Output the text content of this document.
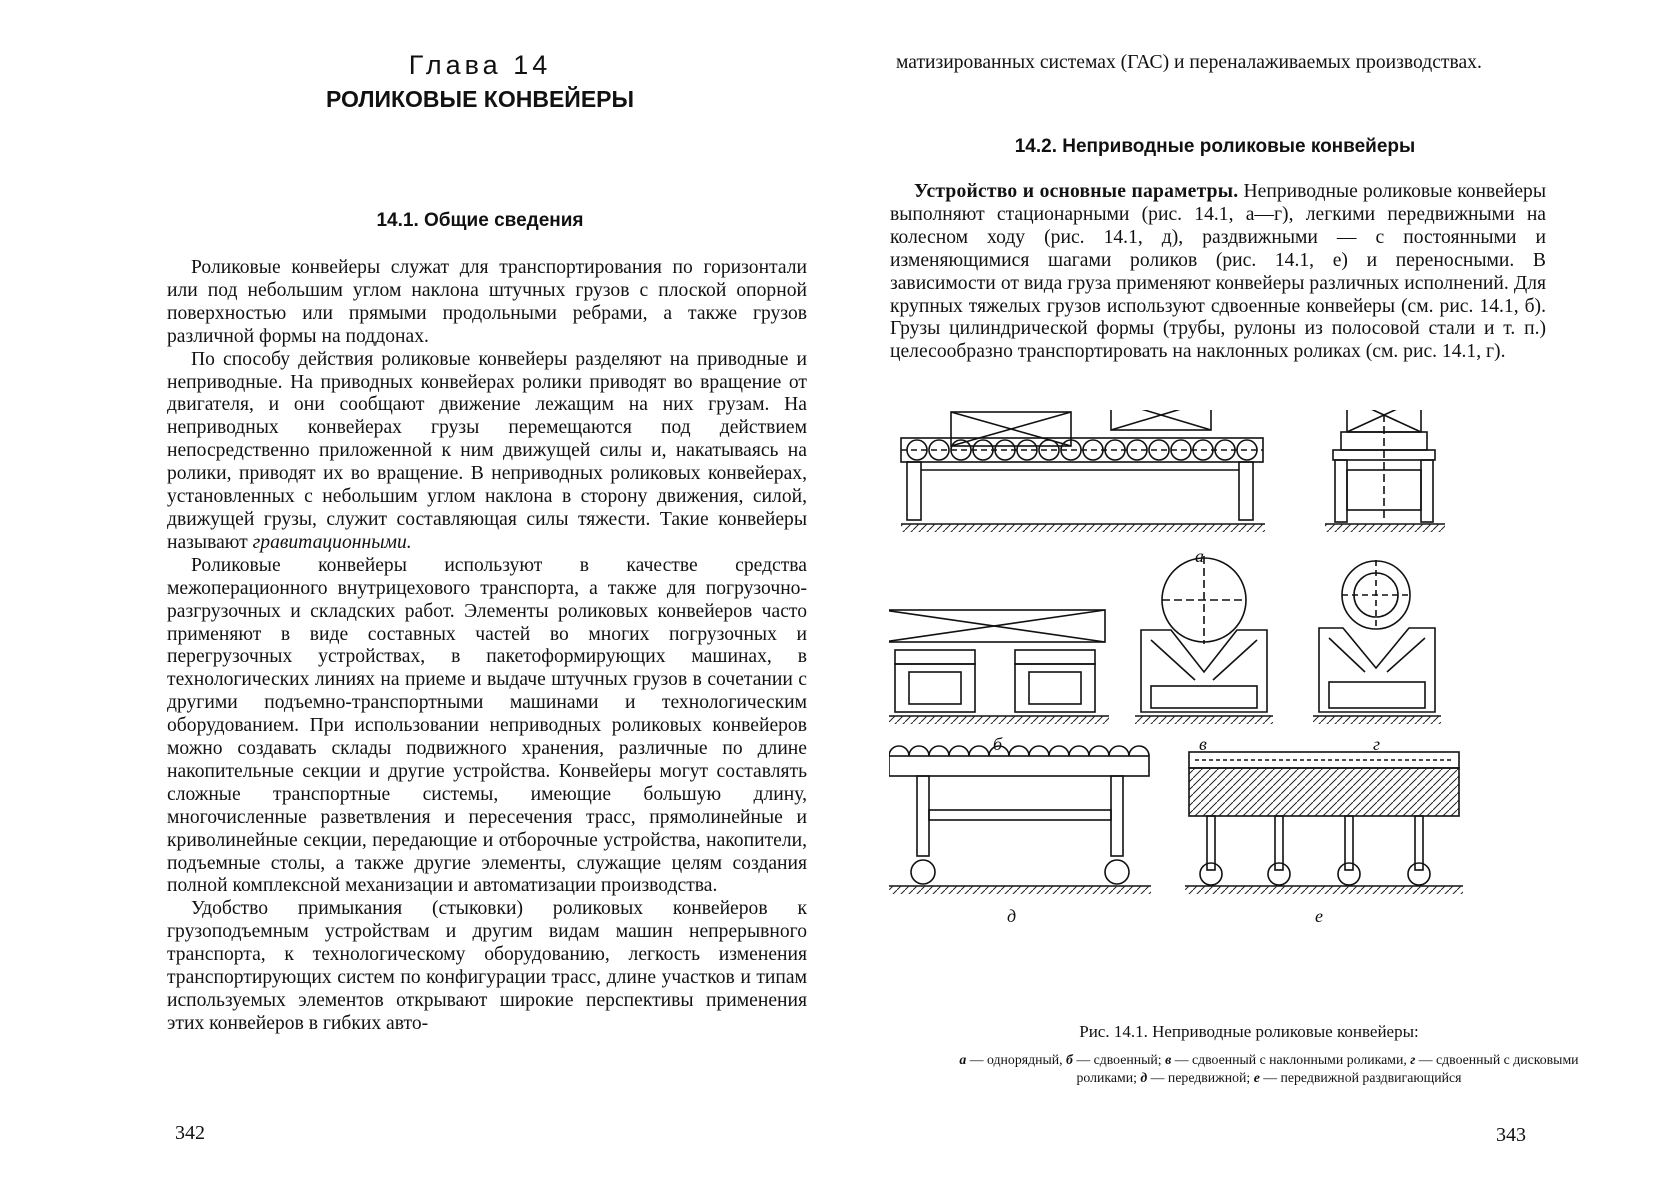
Глава 14
РОЛИКОВЫЕ КОНВЕЙЕРЫ
14.1. Общие сведения

Роликовые конвейеры служат для транспортирования по горизонтали или под небольшим углом наклона штучных грузов с плоской опорной поверхностью или прямыми продольными ребрами, а также грузов различной формы на поддонах.

По способу действия роликовые конвейеры разделяют на приводные и неприводные. На приводных конвейерах ролики приводят во вращение от двигателя, и они сообщают движение лежащим на них грузам. На неприводных конвейерах грузы перемещаются под действием непосредственно приложенной к ним движущей силы и, накатываясь на ролики, приводят их во вращение. В неприводных роликовых конвейерах, установленных с небольшим углом наклона в сторону движения, силой, движущей грузы, служит составляющая силы тяжести. Такие конвейеры называют гравитационными.

Роликовые конвейеры используют в качестве средства межоперационного внутрицехового транспорта, а также для погрузочно-разгрузочных и складских работ. Элементы роликовых конвейеров часто применяют в виде составных частей во многих погрузочных и перегрузочных устройствах, в пакетоформирующих машинах, в технологических линиях на приеме и выдаче штучных грузов в сочетании с другими подъемно-транспортными машинами и технологическим оборудованием. При использовании неприводных роликовых конвейеров можно создавать склады подвижного хранения, различные по длине накопительные секции и другие устройства. Конвейеры могут составлять сложные транспортные системы, имеющие большую длину, многочисленные разветвления и пересечения трасс, прямолинейные и криволинейные секции, передающие и отборочные устройства, накопители, подъемные столы, а также другие элементы, служащие целям создания полной комплексной механизации и автоматизации производства.

Удобство примыкания (стыковки) роликовых конвейеров к грузоподъемным устройствам и другим видам машин непрерывного транспорта, к технологическому оборудованию, легкость изменения транспортирующих систем по конфигурации трасс, длине участков и типам используемых элементов открывают широкие перспективы применения этих конвейеров в гибких авто-

342

матизированных системах (ГАС) и переналаживаемых производствах.

14.2. Неприводные роликовые конвейеры

Устройство и основные параметры. Неприводные роликовые конвейеры выполняют стационарными (рис. 14.1, а—г), легкими передвижными на колесном ходу (рис. 14.1, д), раздвижными — с постоянными и изменяющимися шагами роликов (рис. 14.1, е) и переносными. В зависимости от вида груза применяют конвейеры различных исполнений. Для крупных тяжелых грузов используют сдвоенные конвейеры (см. рис. 14.1, б). Грузы цилиндрической формы (трубы, рулоны из полосовой стали и т. п.) целесообразно транспортировать на наклонных роликах (см. рис. 14.1, г).

а
б	в	г
д	е
Рис. 14.1. Неприводные роликовые конвейеры:
а — однорядный, б — сдвоенный; в — сдвоенный с наклонными роликами, г — сдвоенный с дисковыми роликами; д — передвижной; е — передвижной раздвигающийся
343
